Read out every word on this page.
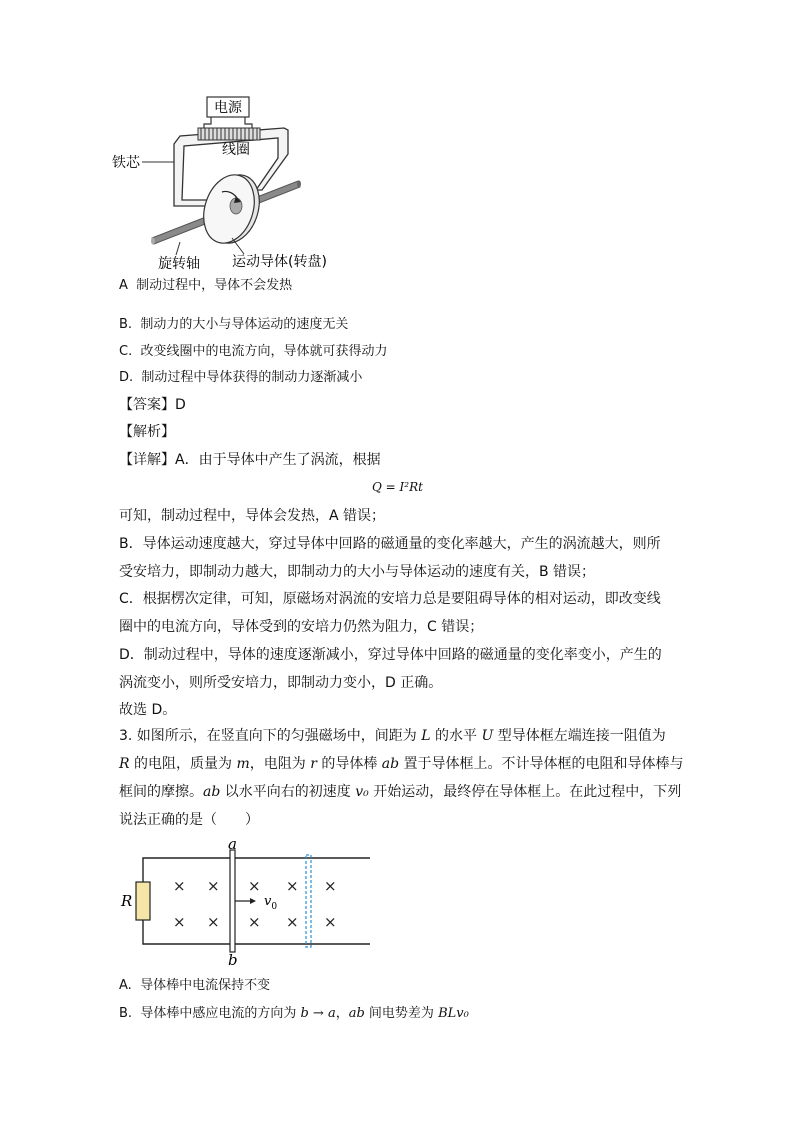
电源
线圈
铁芯
旋转轴 运动导体(转盘)
A 制动过程中，导体不会发热
B. 制动力的大小与导体运动的速度无关
C. 改变线圈中的电流方向，导体就可获得动力
D. 制动过程中导体获得的制动力逐渐减小
【答案】D
【解析】
【详解】A．由于导体中产生了涡流，根据
Q = I²Rt
可知，制动过程中，导体会发热，A 错误；
B．导体运动速度越大，穿过导体中回路的磁通量的变化率越大，产生的涡流越大，则所
受安培力，即制动力越大，即制动力的大小与导体运动的速度有关，B 错误；
C．根据楞次定律，可知，原磁场对涡流的安培力总是要阻碍导体的相对运动，即改变线
圈中的电流方向，导体受到的安培力仍然为阻力，C 错误；
D．制动过程中，导体的速度逐渐减小，穿过导体中回路的磁通量的变化率变小，产生的
涡流变小，则所受安培力，即制动力变小，D 正确。
故选 D。
3. 如图所示，在竖直向下的匀强磁场中，间距为 L 的水平 U 型导体框左端连接一阻值为
R 的电阻，质量为 m，电阻为 r 的导体棒 ab 置于导体框上。不计导体框的电阻和导体棒与
框间的摩擦。ab 以水平向右的初速度 v₀ 开始运动，最终停在导体框上。在此过程中，下列
说法正确的是（　　）
R
a
b
$v_0$
× × × × ×
× × × × ×
A. 导体棒中电流保持不变
B. 导体棒中感应电流的方向为 b → a，ab 间电势差为 BLv₀
